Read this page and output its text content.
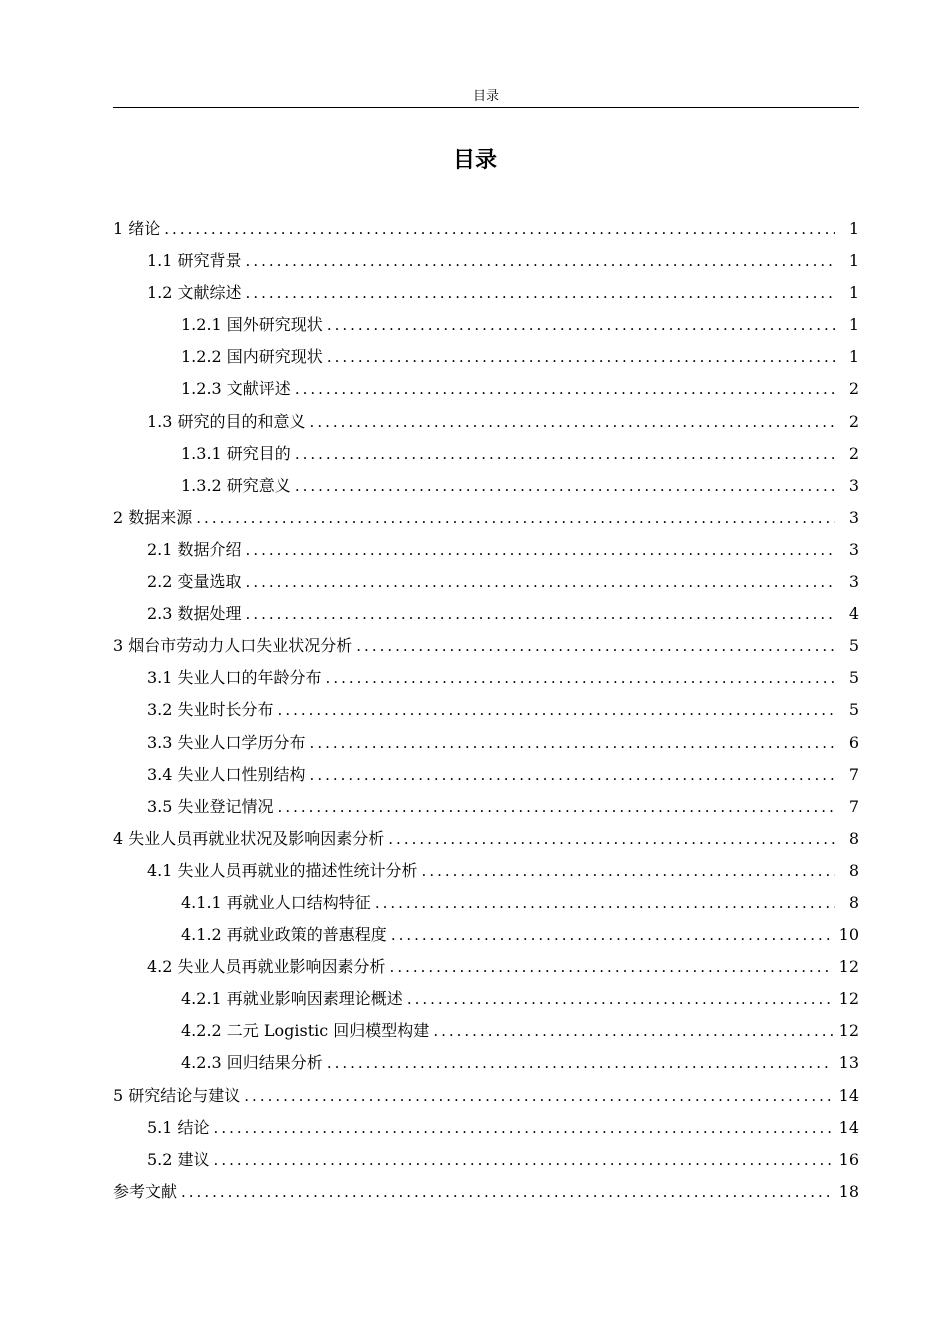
目录
目录
1 绪论 .....	1
1.1 研究背景 .....	1
1.2 文献综述 .....	1
1.2.1 国外研究现状 .....	1
1.2.2 国内研究现状 .....	1
1.2.3 文献评述 .....	2
1.3 研究的目的和意义 .....	2
1.3.1 研究目的 .....	2
1.3.2 研究意义 .....	3
2 数据来源 .....	3
2.1 数据介绍 .....	3
2.2 变量选取 .....	3
2.3 数据处理 .....	4
3 烟台市劳动力人口失业状况分析 .....	5
3.1 失业人口的年龄分布 .....	5
3.2 失业时长分布 .....	5
3.3 失业人口学历分布 .....	6
3.4 失业人口性别结构 .....	7
3.5 失业登记情况 .....	7
4 失业人员再就业状况及影响因素分析 .....	8
4.1 失业人员再就业的描述性统计分析 .....	8
4.1.1 再就业人口结构特征 .....	8
4.1.2 再就业政策的普惠程度 .....	10
4.2 失业人员再就业影响因素分析 .....	12
4.2.1 再就业影响因素理论概述 .....	12
4.2.2 二元 Logistic 回归模型构建 .....	12
4.2.3 回归结果分析 .....	13
5 研究结论与建议 .....	14
5.1 结论 .....	14
5.2 建议 .....	16
参考文献 .....	18
